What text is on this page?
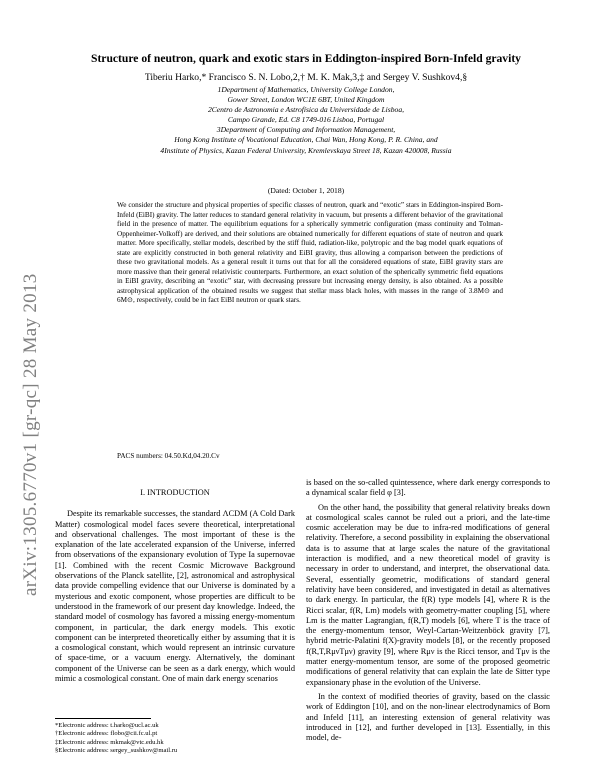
arXiv:1305.6770v1 [gr-qc] 28 May 2013
Structure of neutron, quark and exotic stars in Eddington-inspired Born-Infeld gravity
Tiberiu Harko,* Francisco S. N. Lobo,2,† M. K. Mak,3,‡ and Sergey V. Sushkov4,§
1Department of Mathematics, University College London,
Gower Street, London WC1E 6BT, United Kingdom
2Centro de Astronomia e Astrofísica da Universidade de Lisboa,
Campo Grande, Ed. C8 1749-016 Lisboa, Portugal
3Department of Computing and Information Management,
Hong Kong Institute of Vocational Education, Chai Wan, Hong Kong, P. R. China, and
4Institute of Physics, Kazan Federal University, Kremlevskaya Street 18, Kazan 420008, Russia
(Dated: October 1, 2018)

We consider the structure and physical properties of specific classes of neutron, quark and “exotic” stars in Eddington-inspired Born-Infeld (EiBI) gravity. The latter reduces to standard general relativity in vacuum, but presents a different behavior of the gravitational field in the presence of matter. The equilibrium equations for a spherically symmetric configuration (mass continuity and Tolman-Oppenheimer-Volkoff) are derived, and their solutions are obtained numerically for different equations of state of neutron and quark matter. More specifically, stellar models, described by the stiff fluid, radiation-like, polytropic and the bag model quark equations of state are explicitly constructed in both general relativity and EiBI gravity, thus allowing a comparison between the predictions of these two gravitational models. As a general result it turns out that for all the considered equations of state, EiBI gravity stars are more massive than their general relativistic counterparts. Furthermore, an exact solution of the spherically symmetric field equations in EiBI gravity, describing an “exotic” star, with decreasing pressure but increasing energy density, is also obtained. As a possible astrophysical application of the obtained results we suggest that stellar mass black holes, with masses in the range of 3.8M⊙ and 6M⊙, respectively, could be in fact EiBI neutron or quark stars.

PACS numbers: 04.50.Kd,04.20.Cv
I. INTRODUCTION

Despite its remarkable successes, the standard ΛCDM (A Cold Dark Matter) cosmological model faces severe theoretical, interpretational and observational challenges. The most important of these is the explanation of the late accelerated expansion of the Universe, inferred from observations of the expansionary evolution of Type Ia supernovae [1]. Combined with the recent Cosmic Microwave Background observations of the Planck satellite, [2], astronomical and astrophysical data provide compelling evidence that our Universe is dominated by a mysterious and exotic component, whose properties are difficult to be understood in the framework of our present day knowledge. Indeed, the standard model of cosmology has favored a missing energy-momentum component, in particular, the dark energy models. This exotic component can be interpreted theoretically either by assuming that it is a cosmological constant, which would represent an intrinsic curvature of space-time, or a vacuum energy. Alternatively, the dominant component of the Universe can be seen as a dark energy, which would mimic a cosmological constant. One of main dark energy scenarios

is based on the so-called quintessence, where dark energy corresponds to a dynamical scalar field φ [3].

On the other hand, the possibility that general relativity breaks down at cosmological scales cannot be ruled out a priori, and the late-time cosmic acceleration may be due to infra-red modifications of general relativity. Therefore, a second possibility in explaining the observational data is to assume that at large scales the nature of the gravitational interaction is modified, and a new theoretical model of gravity is necessary in order to understand, and interpret, the observational data. Several, essentially geometric, modifications of standard general relativity have been considered, and investigated in detail as alternatives to dark energy. In particular, the f(R) type models [4], where R is the Ricci scalar, f(R, Lm) models with geometry-matter coupling [5], where Lm is the matter Lagrangian, f(R,T) models [6], where T is the trace of the energy-momentum tensor, Weyl-Cartan-Weitzenböck gravity [7], hybrid metric-Palatini f(X)-gravity models [8], or the recently proposed f(R,T,RμνTμν) gravity [9], where Rμν is the Ricci tensor, and Tμν is the matter energy-momentum tensor, are some of the proposed geometric modifications of general relativity that can explain the late de Sitter type expansionary phase in the evolution of the Universe.

In the context of modified theories of gravity, based on the classic work of Eddington [10], and on the non-linear electrodynamics of Born and Infeld [11], an interesting extension of general relativity was introduced in [12], and further developed in [13]. Essentially, in this model, de-

*Electronic address: t.harko@ucl.ac.uk
†Electronic address: flobo@cii.fc.ul.pt
‡Electronic address: mkmak@vtc.edu.hk
§Electronic address: sergey_sushkov@mail.ru
